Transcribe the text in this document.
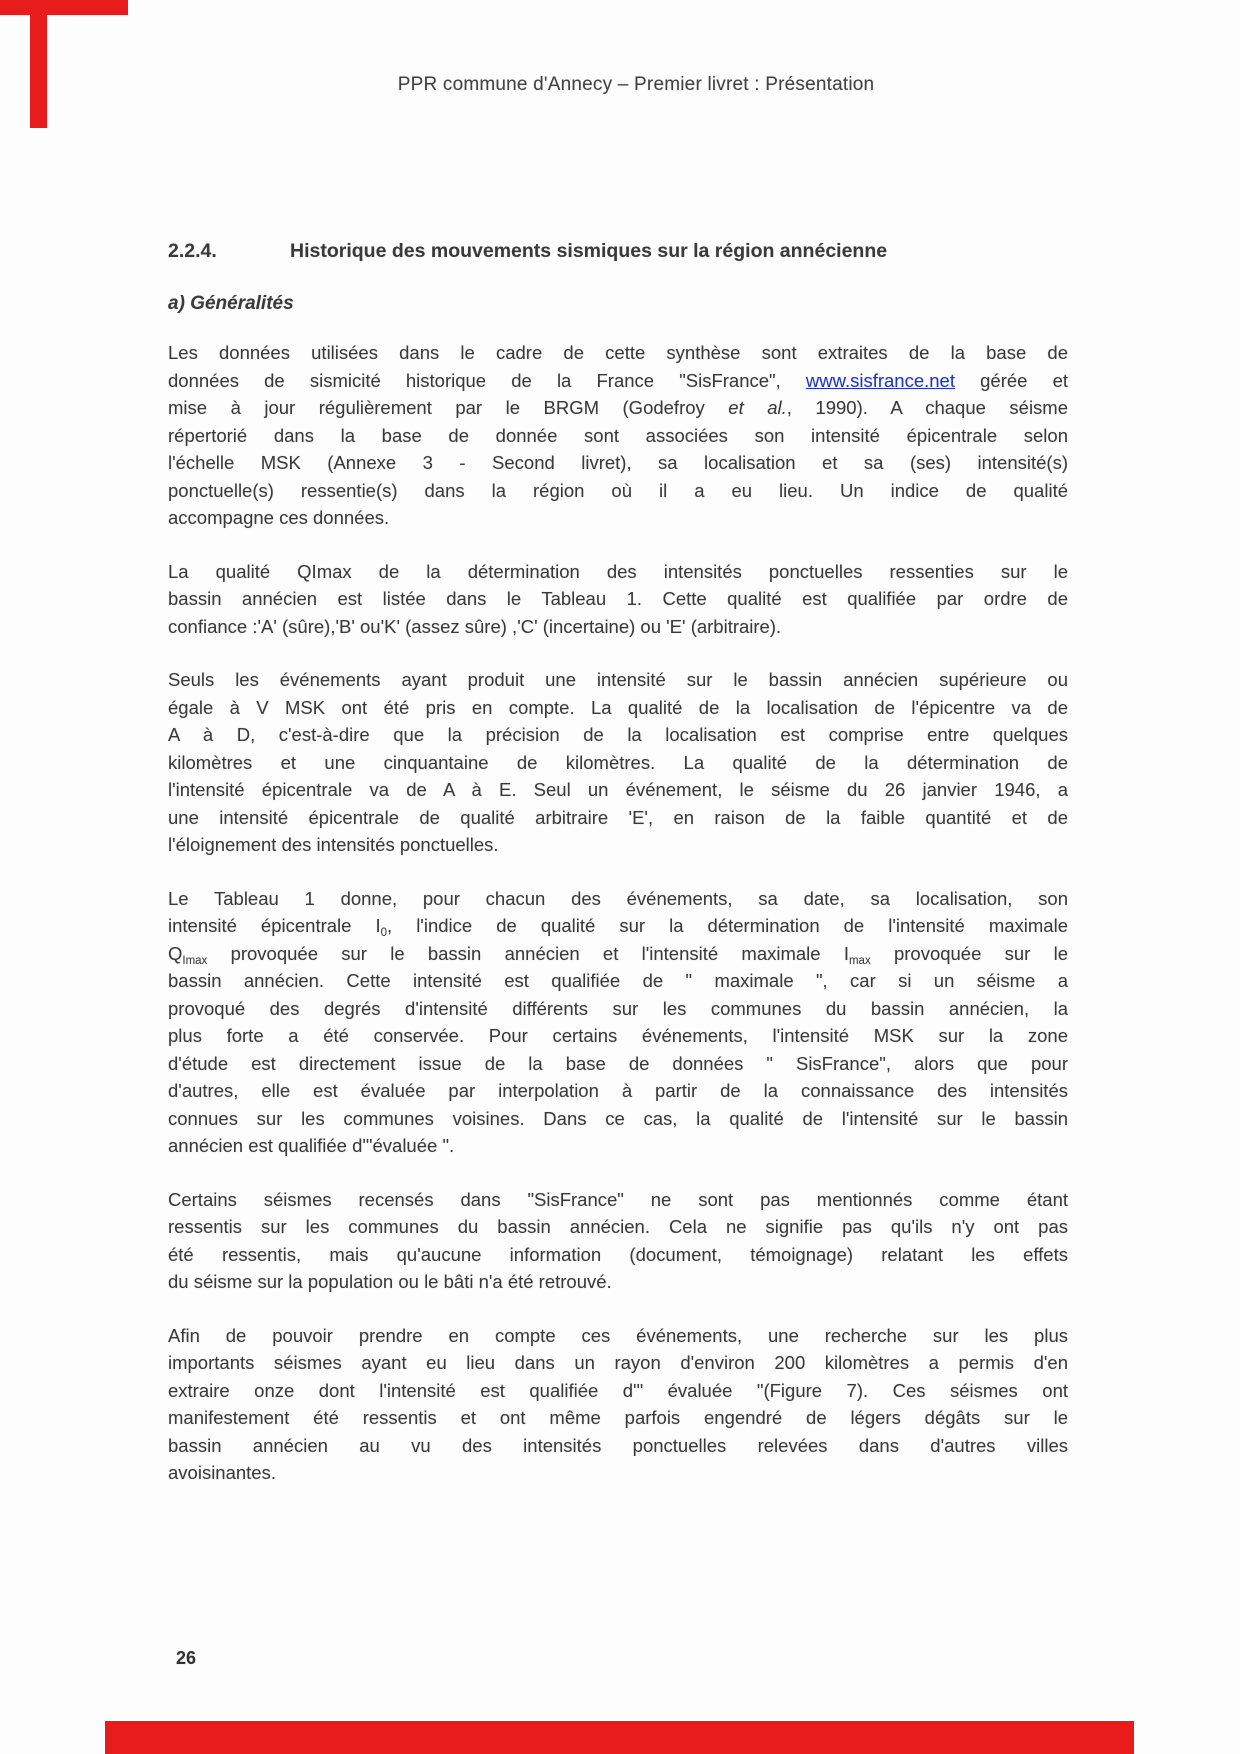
PPR commune d'Annecy – Premier livret : Présentation
2.2.4.	Historique des mouvements sismiques sur la région annécienne
a) Généralités
Les données utilisées dans le cadre de cette synthèse sont extraites de la base de
données de sismicité historique de la France "SisFrance", www.sisfrance.net gérée et
mise à jour régulièrement par le BRGM (Godefroy et al., 1990). A chaque séisme
répertorié dans la base de donnée sont associées son intensité épicentrale selon
l'échelle MSK (Annexe 3 - Second livret), sa localisation et sa (ses) intensité(s)
ponctuelle(s) ressentie(s) dans la région où il a eu lieu. Un indice de qualité
accompagne ces données.
La qualité QImax de la détermination des intensités ponctuelles ressenties sur le
bassin annécien est listée dans le Tableau 1. Cette qualité est qualifiée par ordre de
confiance :'A' (sûre),'B' ou'K' (assez sûre) ,'C' (incertaine) ou 'E' (arbitraire).
Seuls les événements ayant produit une intensité sur le bassin annécien supérieure ou
égale à V MSK ont été pris en compte. La qualité de la localisation de l'épicentre va de
A à D, c'est-à-dire que la précision de la localisation est comprise entre quelques
kilomètres et une cinquantaine de kilomètres. La qualité de la détermination de
l'intensité épicentrale va de A à E. Seul un événement, le séisme du 26 janvier 1946, a
une intensité épicentrale de qualité arbitraire 'E', en raison de la faible quantité et de
l'éloignement des intensités ponctuelles.
Le Tableau 1 donne, pour chacun des événements, sa date, sa localisation, son
intensité épicentrale $I_0$, l'indice de qualité sur la détermination de l'intensité maximale
$Q_{Imax}$ provoquée sur le bassin annécien et l'intensité maximale $I_{max}$ provoquée sur le
bassin annécien. Cette intensité est qualifiée de " maximale ", car si un séisme a
provoqué des degrés d'intensité différents sur les communes du bassin annécien, la
plus forte a été conservée. Pour certains événements, l'intensité MSK sur la zone
d'étude est directement issue de la base de données " SisFrance", alors que pour
d'autres, elle est évaluée par interpolation à partir de la connaissance des intensités
connues sur les communes voisines. Dans ce cas, la qualité de l'intensité sur le bassin
annécien est qualifiée d'"évaluée ".
Certains séismes recensés dans "SisFrance" ne sont pas mentionnés comme étant
ressentis sur les communes du bassin annécien. Cela ne signifie pas qu'ils n'y ont pas
été ressentis, mais qu'aucune information (document, témoignage) relatant les effets
du séisme sur la population ou le bâti n'a été retrouvé.
Afin de pouvoir prendre en compte ces événements, une recherche sur les plus
importants séismes ayant eu lieu dans un rayon d'environ 200 kilomètres a permis d'en
extraire onze dont l'intensité est qualifiée d'" évaluée "(Figure 7). Ces séismes ont
manifestement été ressentis et ont même parfois engendré de légers dégâts sur le
bassin annécien au vu des intensités ponctuelles relevées dans d'autres villes
avoisinantes.
26
